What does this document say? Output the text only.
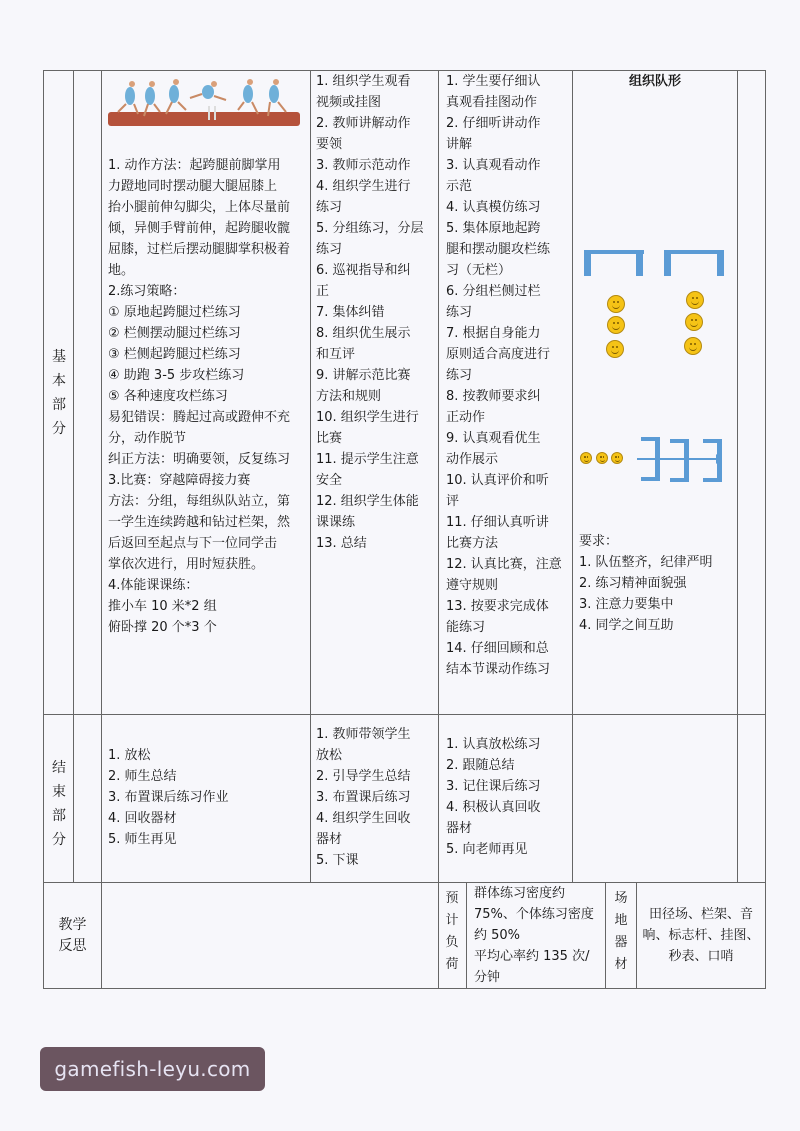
基
本
部
分
1. 动作方法：起跨腿前脚掌用
力蹬地同时摆动腿大腿屈膝上
抬小腿前伸勾脚尖，上体尽量前
倾，异侧手臂前伸，起跨腿收髋
屈膝，过栏后摆动腿脚掌积极着
地。
2.练习策略：
① 原地起跨腿过栏练习
② 栏侧摆动腿过栏练习
③ 栏侧起跨腿过栏练习
④ 助跑 3-5 步攻栏练习
⑤ 各种速度攻栏练习
易犯错误：腾起过高或蹬伸不充
分，动作脱节
纠正方法：明确要领，反复练习
3.比赛：穿越障碍接力赛
方法：分组，每组纵队站立，第
一学生连续跨越和钻过栏架，然
后返回至起点与下一位同学击
掌依次进行，用时短获胜。
4.体能课课练：
推小车 10 米*2 组
俯卧撑 20 个*3 个
1. 组织学生观看
视频或挂图
2. 教师讲解动作
要领
3. 教师示范动作
4. 组织学生进行
练习
5. 分组练习，分层
练习
6. 巡视指导和纠
正
7. 集体纠错
8. 组织优生展示
和互评
9. 讲解示范比赛
方法和规则
10. 组织学生进行
比赛
11. 提示学生注意
安全
12. 组织学生体能
课课练
13. 总结
1. 学生要仔细认
真观看挂图动作
2. 仔细听讲动作
讲解
3. 认真观看动作
示范
4. 认真模仿练习
5. 集体原地起跨
腿和摆动腿攻栏练
习（无栏）
6. 分组栏侧过栏
练习
7. 根据自身能力
原则适合高度进行
练习
8. 按教师要求纠
正动作
9. 认真观看优生
动作展示
10. 认真评价和听
评
11. 仔细认真听讲
比赛方法
12. 认真比赛，注意
遵守规则
13. 按要求完成体
能练习
14. 仔细回顾和总
结本节课动作练习
组织队形
要求：
1. 队伍整齐，纪律严明
2. 练习精神面貌强
3. 注意力要集中
4. 同学之间互助
结
束
部
分
1. 放松
2. 师生总结
3. 布置课后练习作业
4. 回收器材
5. 师生再见
1. 教师带领学生
放松
2. 引导学生总结
3. 布置课后练习
4. 组织学生回收
器材
5. 下课
1. 认真放松练习
2. 跟随总结
3. 记住课后练习
4. 积极认真回收
器材
5. 向老师再见
教学
反思
预
计
负
荷
群体练习密度约
75%、个体练习密度
约 50%
平均心率约 135 次/
分钟
场
地
器
材
田径场、栏架、音
响、标志杆、挂图、
秒表、口哨
gamefish-leyu.com
